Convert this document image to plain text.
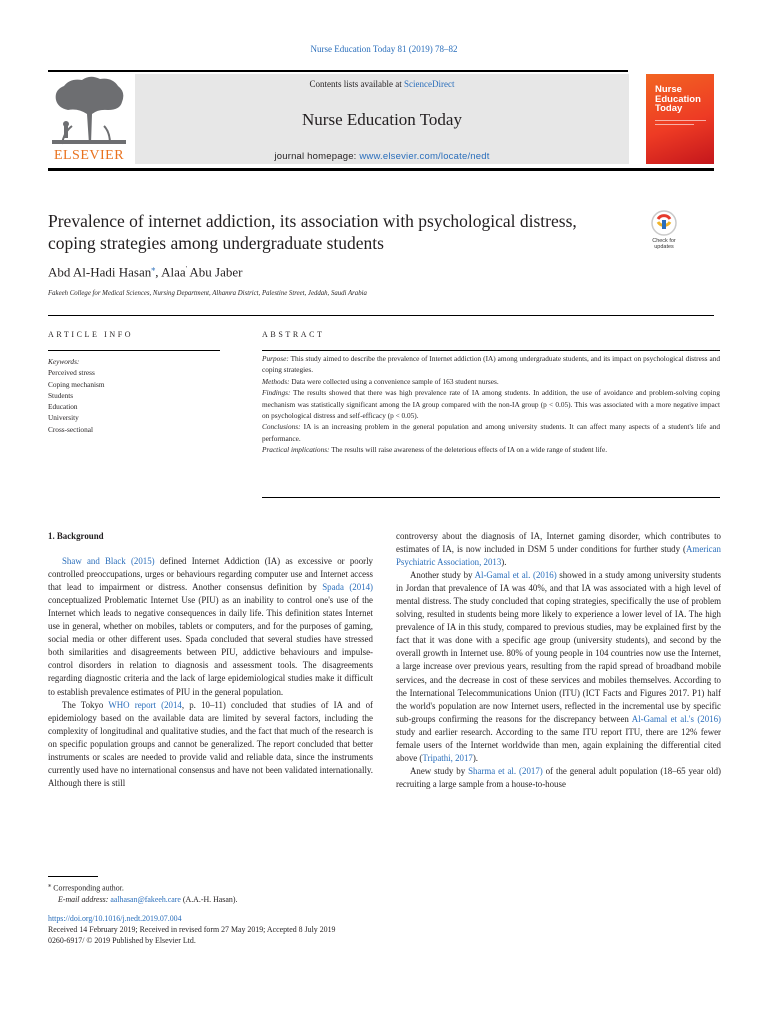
Nurse Education Today 81 (2019) 78–82
ELSEVIER
Contents lists available at ScienceDirect
Nurse Education Today
journal homepage: www.elsevier.com/locate/nedt
Nurse
Education
Today
Prevalence of internet addiction, its association with psychological distress, coping strategies among undergraduate students	Check for updates
Abd Al-Hadi Hasan⁎, Alaa' Abu Jaber
Fakeeh College for Medical Sciences, Nursing Department, Alhamra District, Palestine Street, Jeddah, Saudi Arabia
ARTICLE INFO	ABSTRACT
Keywords:
Perceived stress
Coping mechanism
Students
Education
University
Cross-sectional

Purpose: This study aimed to describe the prevalence of Internet addiction (IA) among undergraduate students, and its impact on psychological distress and coping strategies.

Methods: Data were collected using a convenience sample of 163 student nurses.

Findings: The results showed that there was high prevalence rate of IA among students. In addition, the use of avoidance and problem-solving coping mechanism was statistically significant among the IA group compared with the non-IA group (p < 0.05). This was associated with a more negative impact on psychological distress and self-efficacy (p < 0.05).

Conclusions: IA is an increasing problem in the general population and among university students. It can affect many aspects of a student's life and performance.

Practical implications: The results will raise awareness of the deleterious effects of IA on a wide range of student life.

1. Background

Shaw and Black (2015) defined Internet Addiction (IA) as excessive or poorly controlled preoccupations, urges or behaviours regarding computer use and Internet access that lead to impairment or distress. Another consensus definition by Spada (2014) conceptualized Problematic Internet Use (PIU) as an inability to control one's use of the Internet which leads to negative consequences in daily life. This definition states Internet use in general, whether on mobiles, tablets or computers, and for the purposes of gaming, social media or other different uses. Spada concluded that several studies have stressed both similarities and disagreements between PIU, addictive behaviours and impulse-control disorders in relation to diagnosis and assessment tools. The disagreements regarding diagnostic criteria and the lack of large epidemiological studies make it difficult to establish prevalence estimates of PIU in the general population.

The Tokyo WHO report (2014, p. 10–11) concluded that studies of IA and of epidemiology based on the available data are limited by several factors, including the complexity of longitudinal and qualitative studies, and the fact that much of the research is on specific population groups and cannot be generalized. The report concluded that better instruments or scales are needed to provide valid and reliable data, since the instruments currently used have no international consensus and have not been validated internationally. Although there is still

controversy about the diagnosis of IA, Internet gaming disorder, which contributes to estimates of IA, is now included in DSM 5 under conditions for further study (American Psychiatric Association, 2013).

Another study by Al-Gamal et al. (2016) showed in a study among university students in Jordan that prevalence of IA was 40%, and that IA was associated with a high level of mental distress. The study concluded that coping strategies, specifically the use of problem solving, resulted in students being more likely to experience a lower level of IA. The high prevalence of IA in this study, compared to previous studies, may be explained first by the fact that it was done with a specific age group (university students), and second by the overall growth in Internet use. 80% of young people in 104 countries now use the Internet, a large increase over previous years, resulting from the rapid spread of broadband mobile services, and the decrease in cost of these services and mobiles themselves. According to the International Telecommunications Union (ITU) (ICT Facts and Figures 2017. P1) half the world's population are now Internet users, reflected in the incremental use by specific sub-groups confirming the reasons for the discrepancy between Al-Gamal et al.'s (2016) study and earlier research. According to the same ITU report ITU, there are 12% fewer female users of the Internet worldwide than men, again explaining the differential cited above (Tripathi, 2017).

Anew study by Sharma et al. (2017) of the general adult population (18–65 year old) recruiting a large sample from a house-to-house

⁎ Corresponding author.
E-mail address: aalhasan@fakeeh.care (A.A.-H. Hasan).
https://doi.org/10.1016/j.nedt.2019.07.004
Received 14 February 2019; Received in revised form 27 May 2019; Accepted 8 July 2019
0260-6917/ © 2019 Published by Elsevier Ltd.
